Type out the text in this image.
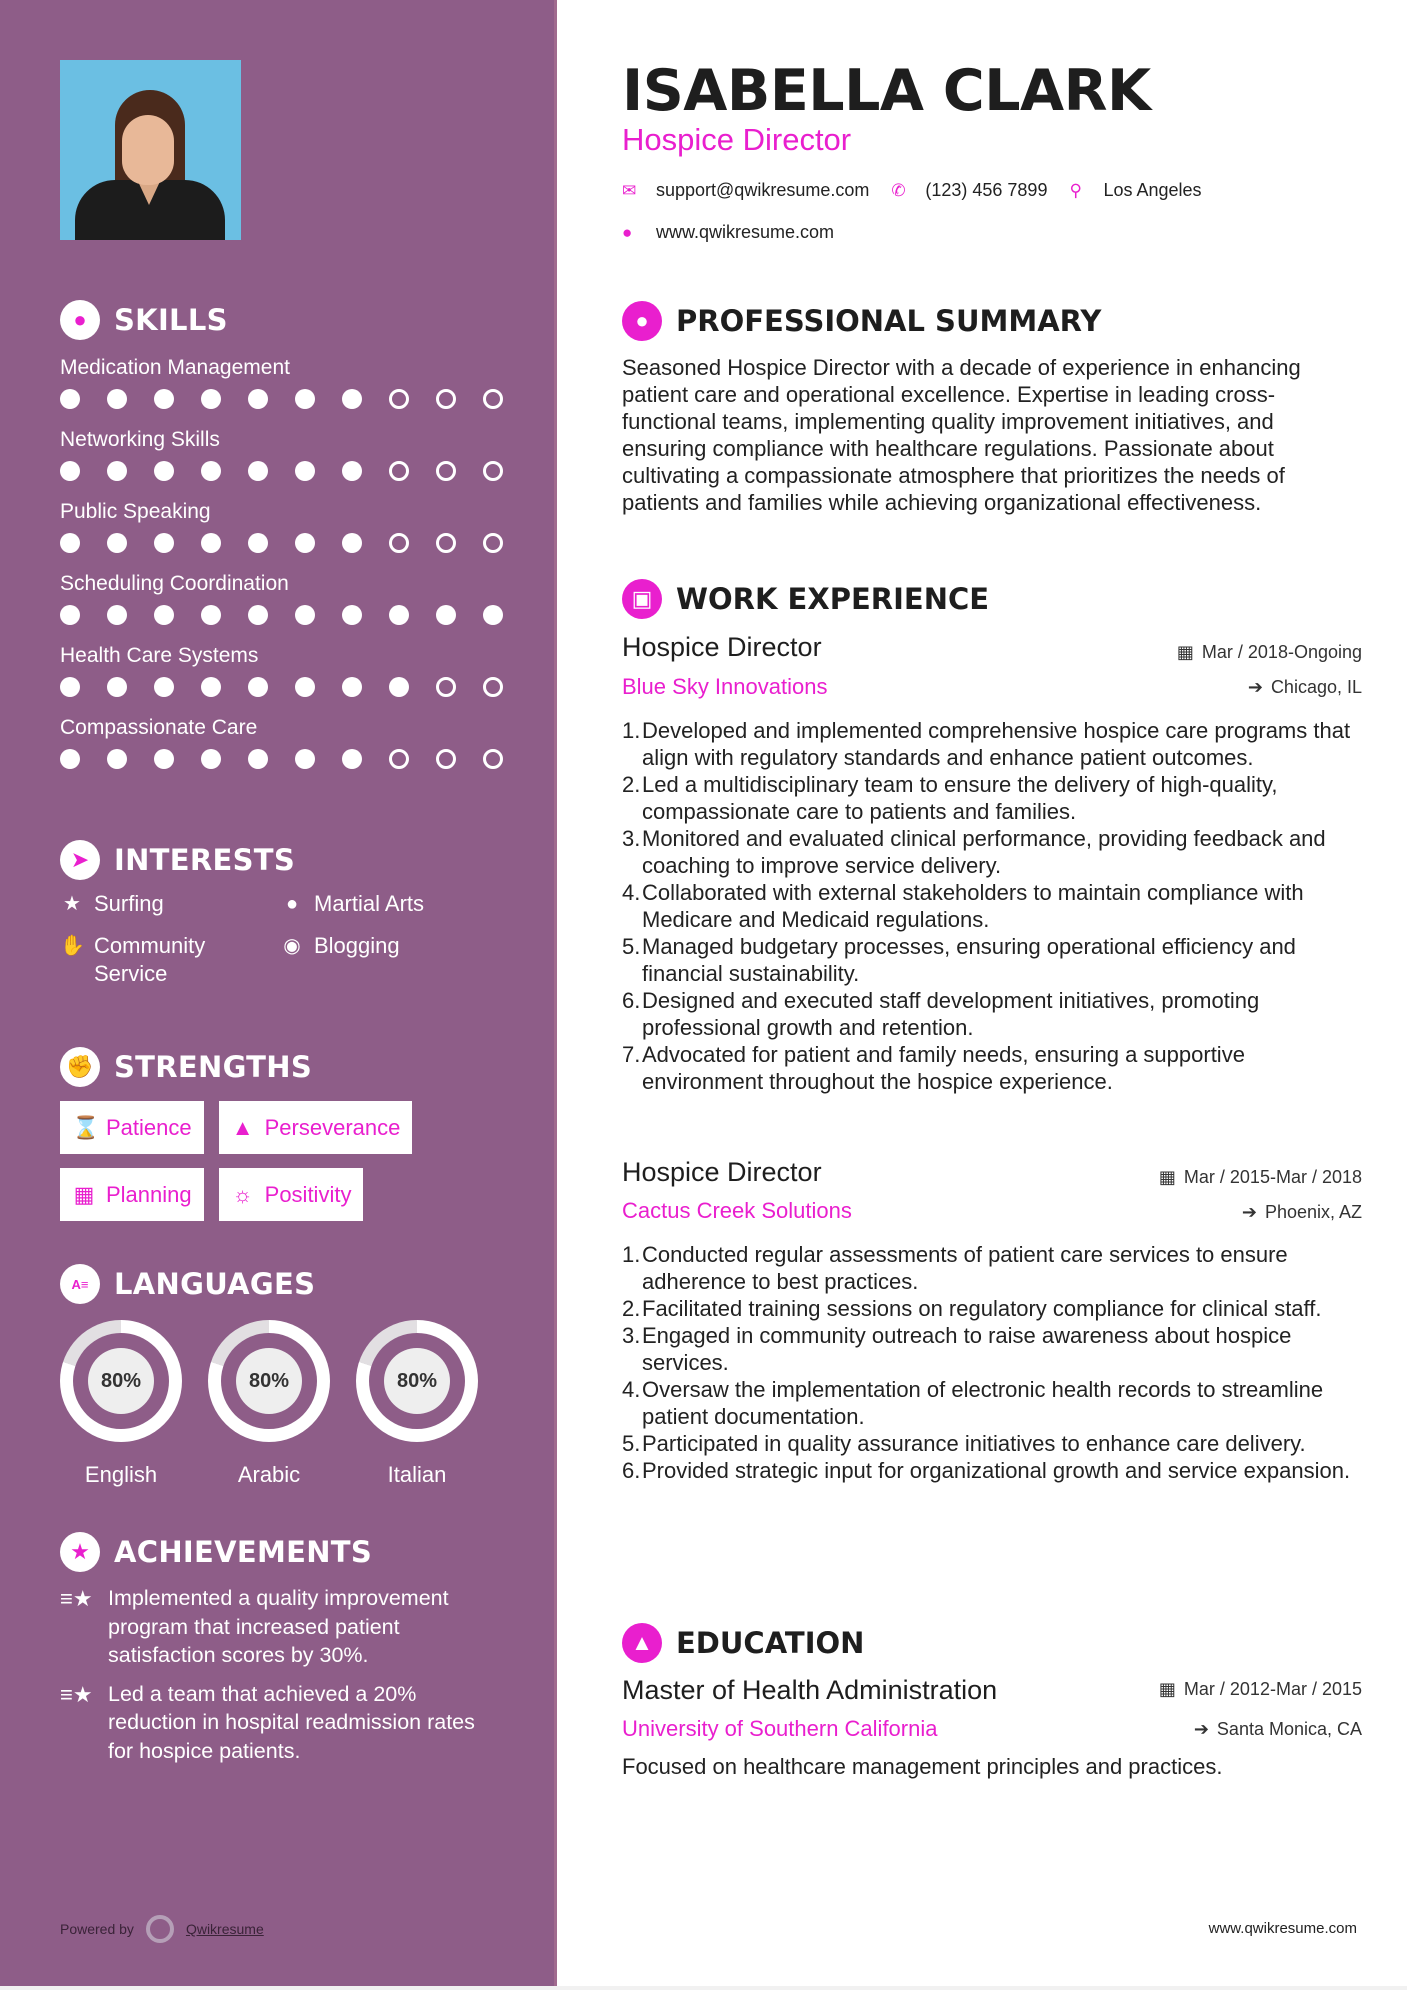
● SKILLS
Medication Management
Networking Skills
Public Speaking
Scheduling Coordination
Health Care Systems
Compassionate Care
➤ INTERESTS
★ Surfing	● Martial Arts
✋ Community Service
◉ Blogging
✊ STRENGTHS
⌛ Patience ▲ Perseverance
▦ Planning ☼ Positivity
A≡ LANGUAGES
80%
English
80%
Arabic
80%
Italian
★ ACHIEVEMENTS
≡★ Implemented a quality improvement program that increased patient satisfaction scores by 30%.
≡★ Led a team that achieved a 20% reduction in hospital readmission rates for hospice patients.
Powered by	Qwikresume
ISABELLA CLARK
Hospice Director
✉	support@qwikresume.com ✆	(123) 456 7899 ⚲	Los Angeles
●	www.qwikresume.com
● PROFESSIONAL SUMMARY

Seasoned Hospice Director with a decade of experience in enhancing patient care and operational excellence. Expertise in leading cross-functional teams, implementing quality improvement initiatives, and ensuring compliance with healthcare regulations. Passionate about cultivating a compassionate atmosphere that prioritizes the needs of patients and families while achieving organizational effectiveness.

▣ WORK EXPERIENCE
Hospice Director	▦ Mar / 2018-Ongoing
Blue Sky Innovations	➔ Chicago, IL
1. Developed and implemented comprehensive hospice care programs that align with regulatory standards and enhance patient outcomes.
2. Led a multidisciplinary team to ensure the delivery of high-quality, compassionate care to patients and families.
3. Monitored and evaluated clinical performance, providing feedback and coaching to improve service delivery.
4. Collaborated with external stakeholders to maintain compliance with Medicare and Medicaid regulations.
5. Managed budgetary processes, ensuring operational efficiency and financial sustainability.
6. Designed and executed staff development initiatives, promoting professional growth and retention.
7. Advocated for patient and family needs, ensuring a supportive environment throughout the hospice experience.
Hospice Director	▦ Mar / 2015-Mar / 2018
Cactus Creek Solutions	➔ Phoenix, AZ
1. Conducted regular assessments of patient care services to ensure adherence to best practices.
2. Facilitated training sessions on regulatory compliance for clinical staff.
3. Engaged in community outreach to raise awareness about hospice services.
4. Oversaw the implementation of electronic health records to streamline patient documentation.
5. Participated in quality assurance initiatives to enhance care delivery.
6. Provided strategic input for organizational growth and service expansion.
▲ EDUCATION
Master of Health Administration	▦ Mar / 2012-Mar / 2015
University of Southern California	➔ Santa Monica, CA

Focused on healthcare management principles and practices.

www.qwikresume.com
